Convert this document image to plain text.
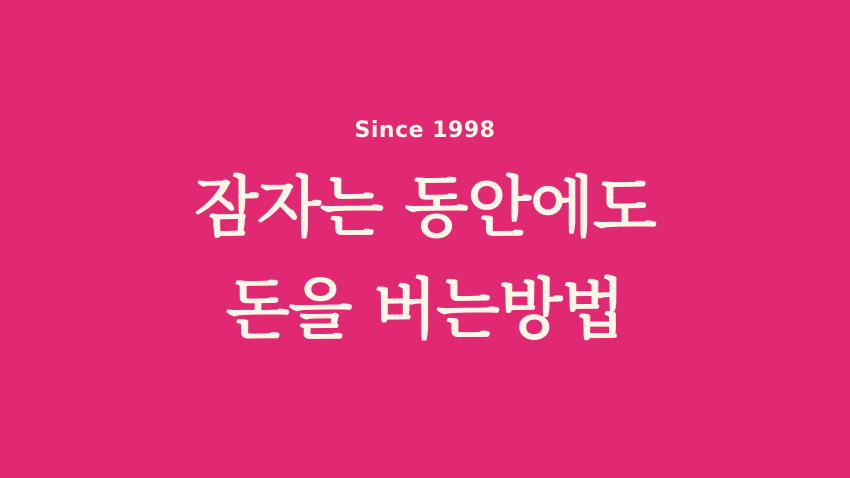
Since 1998
잠자는 동안에도
돈을 버는방법
